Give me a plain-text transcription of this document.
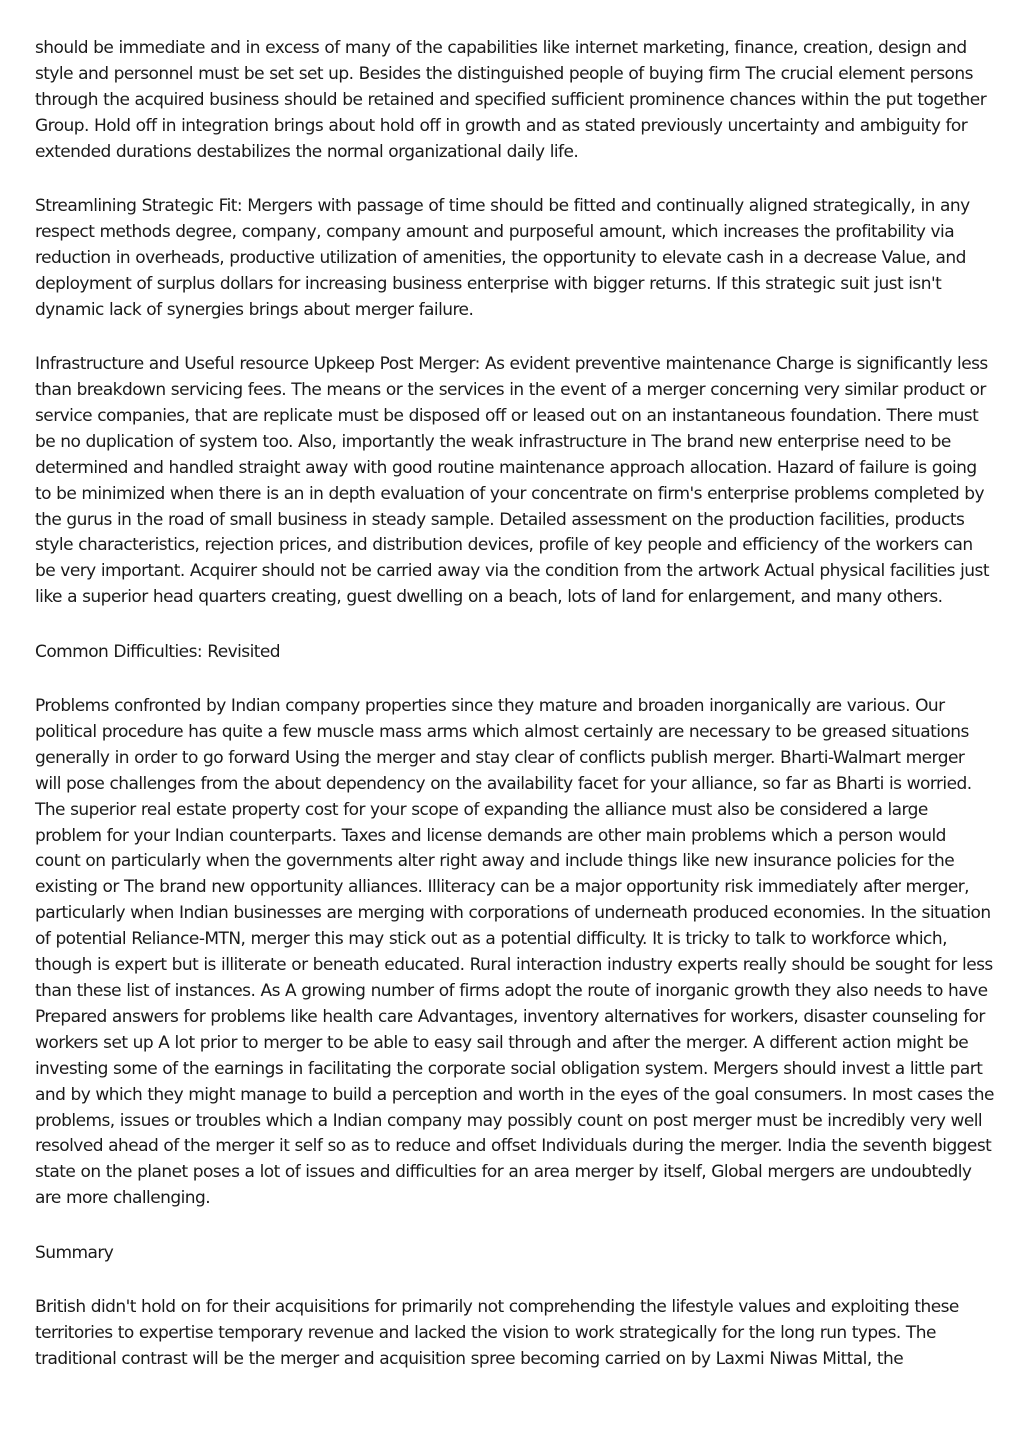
should be immediate and in excess of many of the capabilities like internet marketing, finance, creation, design and style and personnel must be set set up. Besides the distinguished people of buying firm The crucial element persons through the acquired business should be retained and specified sufficient prominence chances within the put together Group. Hold off in integration brings about hold off in growth and as stated previously uncertainty and ambiguity for extended durations destabilizes the normal organizational daily life.

Streamlining Strategic Fit: Mergers with passage of time should be fitted and continually aligned strategically, in any respect methods degree, company, company amount and purposeful amount, which increases the profitability via reduction in overheads, productive utilization of amenities, the opportunity to elevate cash in a decrease Value, and deployment of surplus dollars for increasing business enterprise with bigger returns. If this strategic suit just isn't dynamic lack of synergies brings about merger failure.

Infrastructure and Useful resource Upkeep Post Merger: As evident preventive maintenance Charge is significantly less than breakdown servicing fees. The means or the services in the event of a merger concerning very similar product or service companies, that are replicate must be disposed off or leased out on an instantaneous foundation. There must be no duplication of system too. Also, importantly the weak infrastructure in The brand new enterprise need to be determined and handled straight away with good routine maintenance approach allocation. Hazard of failure is going to be minimized when there is an in depth evaluation of your concentrate on firm's enterprise problems completed by the gurus in the road of small business in steady sample. Detailed assessment on the production facilities, products style characteristics, rejection prices, and distribution devices, profile of key people and efficiency of the workers can be very important. Acquirer should not be carried away via the condition from the artwork Actual physical facilities just like a superior head quarters creating, guest dwelling on a beach, lots of land for enlargement, and many others.

Common Difficulties: Revisited

Problems confronted by Indian company properties since they mature and broaden inorganically are various. Our political procedure has quite a few muscle mass arms which almost certainly are necessary to be greased situations generally in order to go forward Using the merger and stay clear of conflicts publish merger. Bharti-Walmart merger will pose challenges from the about dependency on the availability facet for your alliance, so far as Bharti is worried. The superior real estate property cost for your scope of expanding the alliance must also be considered a large problem for your Indian counterparts. Taxes and license demands are other main problems which a person would count on particularly when the governments alter right away and include things like new insurance policies for the existing or The brand new opportunity alliances. Illiteracy can be a major opportunity risk immediately after merger, particularly when Indian businesses are merging with corporations of underneath produced economies. In the situation of potential Reliance-MTN, merger this may stick out as a potential difficulty. It is tricky to talk to workforce which, though is expert but is illiterate or beneath educated. Rural interaction industry experts really should be sought for less than these list of instances. As A growing number of firms adopt the route of inorganic growth they also needs to have Prepared answers for problems like health care Advantages, inventory alternatives for workers, disaster counseling for workers set up A lot prior to merger to be able to easy sail through and after the merger. A different action might be investing some of the earnings in facilitating the corporate social obligation system. Mergers should invest a little part and by which they might manage to build a perception and worth in the eyes of the goal consumers. In most cases the problems, issues or troubles which a Indian company may possibly count on post merger must be incredibly very well resolved ahead of the merger it self so as to reduce and offset Individuals during the merger. India the seventh biggest state on the planet poses a lot of issues and difficulties for an area merger by itself, Global mergers are undoubtedly are more challenging.

Summary

British didn't hold on for their acquisitions for primarily not comprehending the lifestyle values and exploiting these territories to expertise temporary revenue and lacked the vision to work strategically for the long run types. The traditional contrast will be the merger and acquisition spree becoming carried on by Laxmi Niwas Mittal, the
